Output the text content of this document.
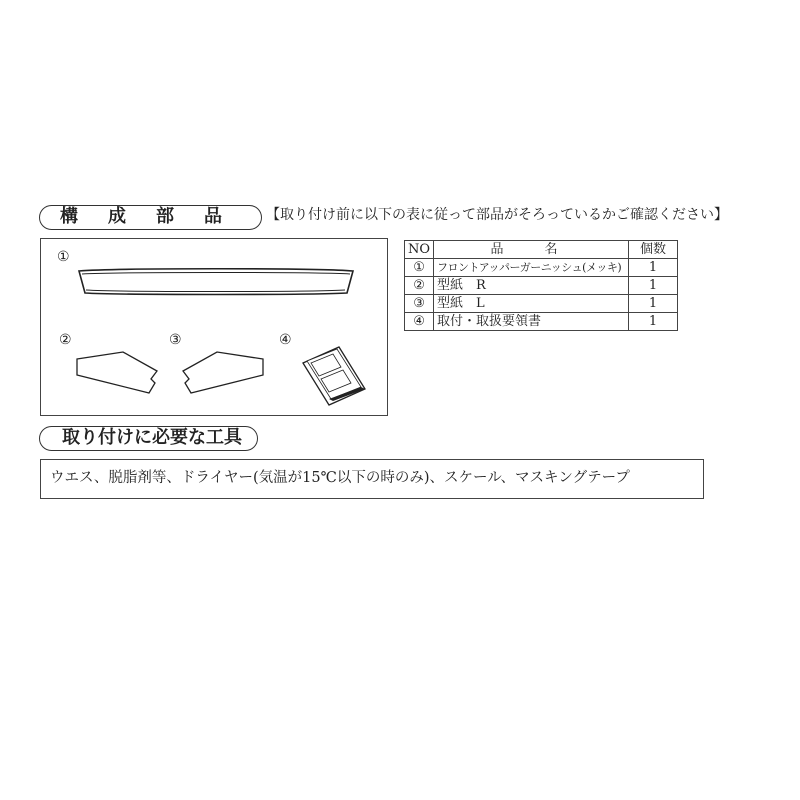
構　成　部　品	【取り付け前に以下の表に従って部品がそろっているかご確認ください】
①
②	③	④
NO	品　名	個数
①	フロントアッパーガーニッシュ(メッキ)	1
②	型紙　R	1
③	型紙　L	1
④	取付・取扱要領書	1
取り付けに必要な工具
ウエス、脱脂剤等、ドライヤー(気温が15℃以下の時のみ)、スケール、マスキングテープ
